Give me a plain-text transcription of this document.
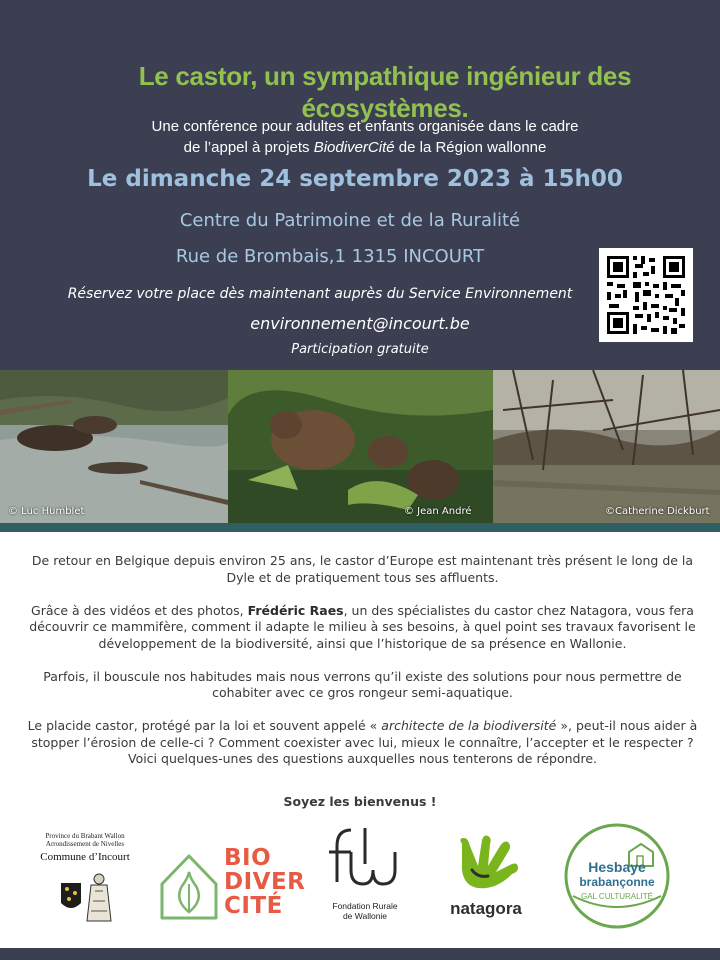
Le castor, un sympathique ingénieur des écosystèmes.
Une conférence pour adultes et enfants organisée dans le cadre
de l’appel à projets BiodiverCité de la Région wallonne
Le dimanche 24 septembre 2023 à 15h00
Centre du Patrimoine et de la Ruralité
Rue de Brombais,1 1315 INCOURT
Réservez votre place dès maintenant auprès du Service Environnement
environnement@incourt.be
Participation gratuite
© Luc Humblet	© Jean André	©Catherine Dickburt

De retour en Belgique depuis environ 25 ans, le castor d’Europe est maintenant très présent le long de la Dyle et de pratiquement tous ses affluents.

Grâce à des vidéos et des photos, Frédéric Raes, un des spécialistes du castor chez Natagora, vous fera découvrir ce mammifère, comment il adapte le milieu à ses besoins, à quel point ses travaux favorisent le développement de la biodiversité, ainsi que l’historique de sa présence en Wallonie.

Parfois, il bouscule nos habitudes mais nous verrons qu’il existe des solutions pour nous permettre de cohabiter avec ce gros rongeur semi-aquatique.

Le placide castor, protégé par la loi et souvent appelé « architecte de la biodiversité », peut-il nous aider à stopper l’érosion de celle-ci ? Comment coexister avec lui, mieux le connaître, l’accepter et le respecter ? Voici quelques-unes des questions auxquelles nous tenterons de répondre.

Soyez les bienvenus !
Province du Brabant Wallon
Arrondissement de Nivelles
Commune d’Incourt	BIO
DIVER
CITÉ	Fondation Rurale
de Wallonie	natagora
Hesbaye
brabançonne
GAL CULTURALITÉ
